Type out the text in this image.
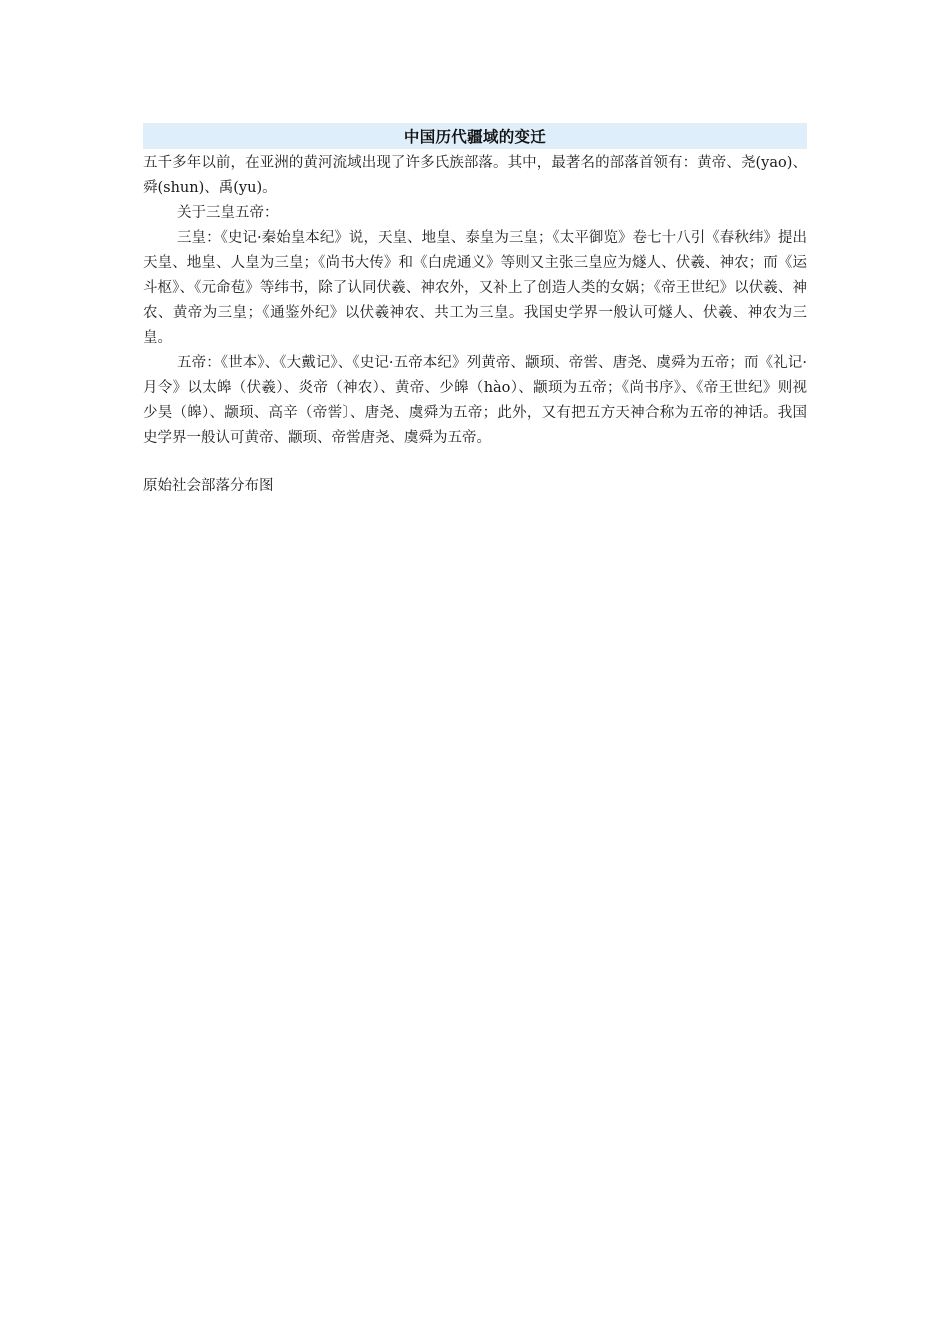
中国历代疆域的变迁

五千多年以前，在亚洲的黄河流域出现了许多氏族部落。其中，最著名的部落首领有：黄帝、尧(yao)、舜(shun)、禹(yu)。

关于三皇五帝：

三皇：《史记·秦始皇本纪》说，天皇、地皇、泰皇为三皇；《太平御览》卷七十八引《春秋纬》提出天皇、地皇、人皇为三皇；《尚书大传》和《白虎通义》等则又主张三皇应为燧人、伏羲、神农；而《运斗枢》、《元命苞》等纬书，除了认同伏羲、神农外，又补上了创造人类的女娲；《帝王世纪》以伏羲、神农、黄帝为三皇；《通鉴外纪》以伏羲神农、共工为三皇。我国史学界一般认可燧人、伏羲、神农为三皇。

五帝：《世本》、《大戴记》、《史记·五帝本纪》列黄帝、颛顼、帝喾、唐尧、虞舜为五帝；而《礼记·月令》以太皞（伏羲）、炎帝（神农）、黄帝、少皞（hào）、颛顼为五帝；《尚书序》、《帝王世纪》则视少昊（皞）、颛顼、高辛（帝喾〕、唐尧、虞舜为五帝；此外，又有把五方天神合称为五帝的神话。我国史学界一般认可黄帝、颛顼、帝喾唐尧、虞舜为五帝。

原始社会部落分布图
